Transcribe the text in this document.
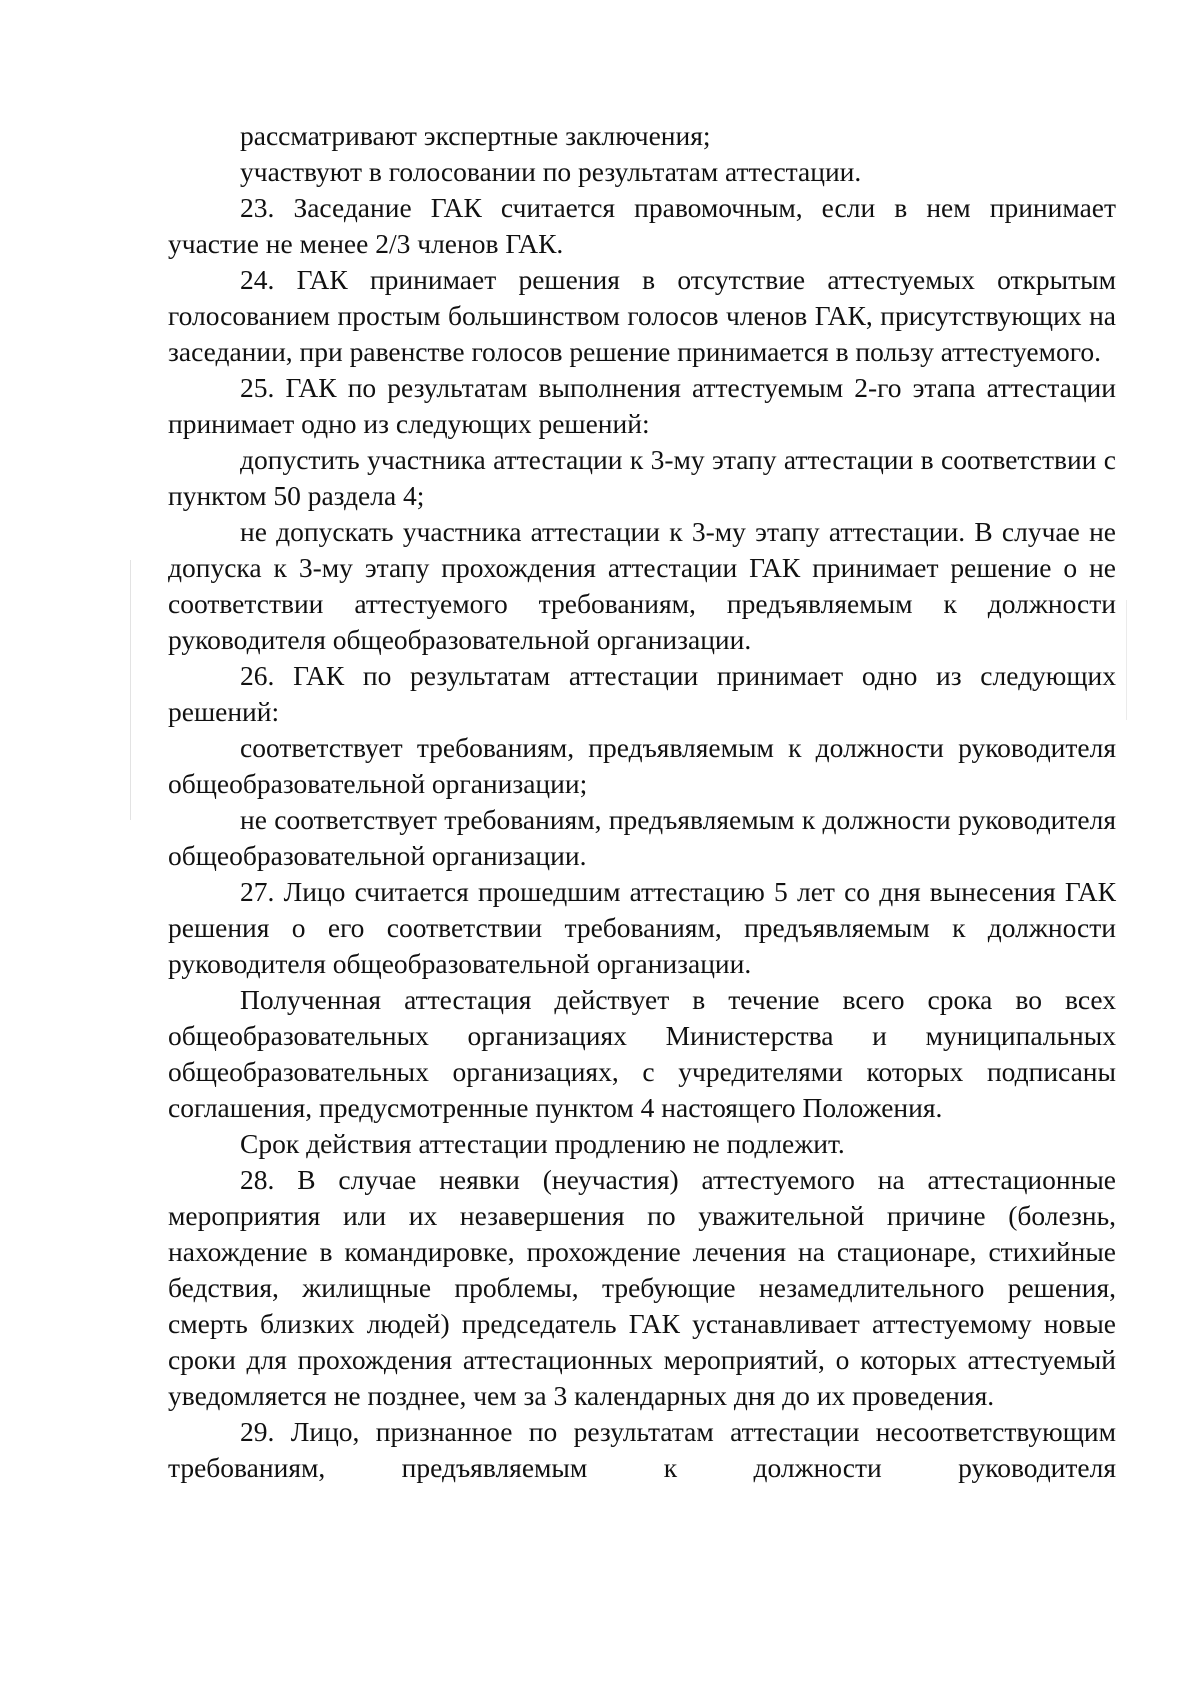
рассматривают экспертные заключения;

участвуют в голосовании по результатам аттестации.

23. Заседание ГАК считается правомочным, если в нем принимает участие не менее 2/3 членов ГАК.

24. ГАК принимает решения в отсутствие аттестуемых открытым голосованием простым большинством голосов членов ГАК, присутствующих на заседании, при равенстве голосов решение принимается в пользу аттестуемого.

25. ГАК по результатам выполнения аттестуемым 2-го этапа аттестации принимает одно из следующих решений:

допустить участника аттестации к 3-му этапу аттестации в соответствии с пунктом 50 раздела 4;

не допускать участника аттестации к 3-му этапу аттестации. В случае не допуска к 3-му этапу прохождения аттестации ГАК принимает решение о не соответствии аттестуемого требованиям, предъявляемым к должности руководителя общеобразовательной организации.

26. ГАК по результатам аттестации принимает одно из следующих решений:

соответствует требованиям, предъявляемым к должности руководителя общеобразовательной организации;

не соответствует требованиям, предъявляемым к должности руководителя общеобразовательной организации.

27. Лицо считается прошедшим аттестацию 5 лет со дня вынесения ГАК решения о его соответствии требованиям, предъявляемым к должности руководителя общеобразовательной организации.

Полученная аттестация действует в течение всего срока во всех общеобразовательных организациях Министерства и муниципальных общеобразовательных организациях, с учредителями которых подписаны соглашения, предусмотренные пунктом 4 настоящего Положения.

Срок действия аттестации продлению не подлежит.

28. В случае неявки (неучастия) аттестуемого на аттестационные мероприятия или их незавершения по уважительной причине (болезнь, нахождение в командировке, прохождение лечения на стационаре, стихийные бедствия, жилищные проблемы, требующие незамедлительного решения, смерть близких людей) председатель ГАК устанавливает аттестуемому новые сроки для прохождения аттестационных мероприятий, о которых аттестуемый уведомляется не позднее, чем за 3 календарных дня до их проведения.

29. Лицо, признанное по результатам аттестации несоответствующим требованиям, предъявляемым к должности руководителя
